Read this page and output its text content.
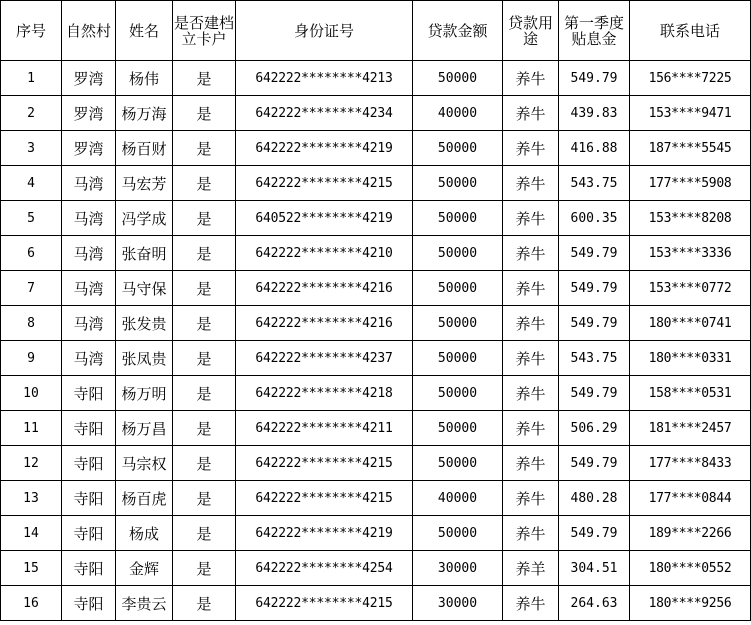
序号	自然村	姓名	是否建档立卡户	身份证号	贷款金额	贷款用途	第一季度贴息金	联系电话
1	罗湾	杨伟	是	642222********4213	50000	养牛	549.79	156****7225
2	罗湾	杨万海	是	642222********4234	40000	养牛	439.83	153****9471
3	罗湾	杨百财	是	642222********4219	50000	养牛	416.88	187****5545
4	马湾	马宏芳	是	642222********4215	50000	养牛	543.75	177****5908
5	马湾	冯学成	是	640522********4219	50000	养牛	600.35	153****8208
6	马湾	张奋明	是	642222********4210	50000	养牛	549.79	153****3336
7	马湾	马守保	是	642222********4216	50000	养牛	549.79	153****0772
8	马湾	张发贵	是	642222********4216	50000	养牛	549.79	180****0741
9	马湾	张凤贵	是	642222********4237	50000	养牛	543.75	180****0331
10	寺阳	杨万明	是	642222********4218	50000	养牛	549.79	158****0531
11	寺阳	杨万昌	是	642222********4211	50000	养牛	506.29	181****2457
12	寺阳	马宗权	是	642222********4215	50000	养牛	549.79	177****8433
13	寺阳	杨百虎	是	642222********4215	40000	养牛	480.28	177****0844
14	寺阳	杨成	是	642222********4219	50000	养牛	549.79	189****2266
15	寺阳	金辉	是	642222********4254	30000	养羊	304.51	180****0552
16	寺阳	李贵云	是	642222********4215	30000	养牛	264.63	180****9256
